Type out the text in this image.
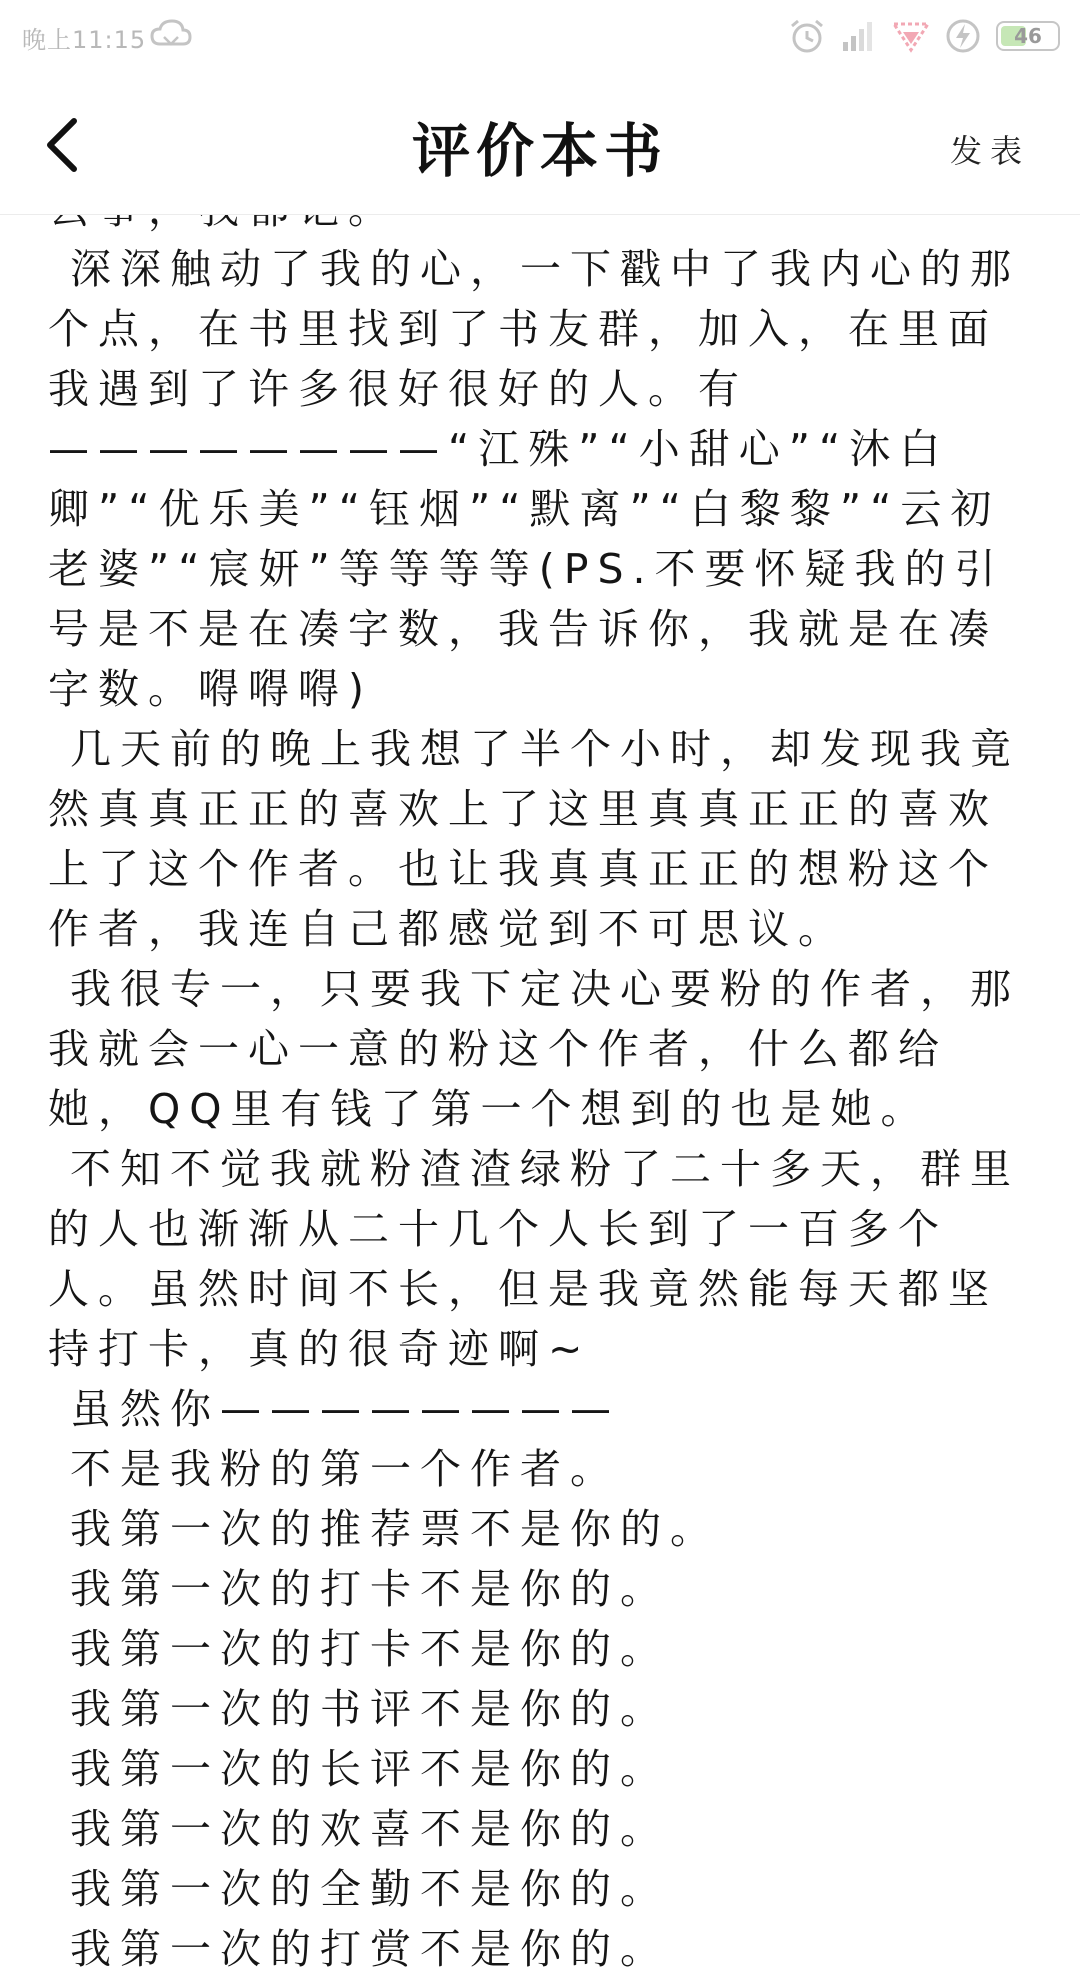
晚上11:15	46
评价本书	发表

深深触动了我的心，一下戳中了我内心的那个点，在书里找到了书友群，加入，在里面我遇到了许多很好很好的人。有————————“江殊”“小甜心”“沐白卿”“优乐美”“钰烟”“默离”“白黎黎”“云初老婆”“宸妍”等等等等(PS.不要怀疑我的引号是不是在凑字数，我告诉你，我就是在凑字数。嘚嘚嘚)
几天前的晚上我想了半个小时，却发现我竟然真真正正的喜欢上了这里真真正正的喜欢上了这个作者。也让我真真正正的想粉这个作者，我连自己都感觉到不可思议。
我很专一，只要我下定决心要粉的作者，那我就会一心一意的粉这个作者，什么都给她，QQ里有钱了第一个想到的也是她。
不知不觉我就粉渣渣绿粉了二十多天，群里的人也渐渐从二十几个人长到了一百多个人。虽然时间不长，但是我竟然能每天都坚持打卡，真的很奇迹啊~
虽然你————————
不是我粉的第一个作者。
我第一次的推荐票不是你的。
我第一次的打卡不是你的。
我第一次的打卡不是你的。
我第一次的书评不是你的。
我第一次的长评不是你的。
我第一次的欢喜不是你的。
我第一次的全勤不是你的。
我第一次的打赏不是你的。
